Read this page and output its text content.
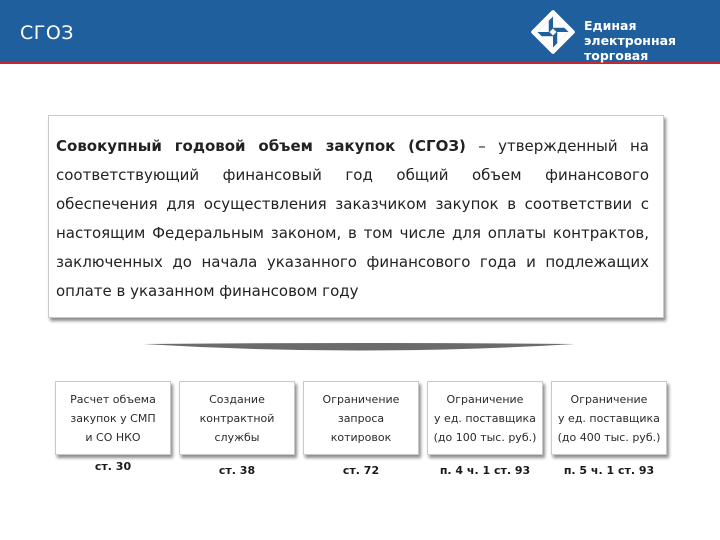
СГОЗ	Единая электронная
торговая площадка

Совокупный годовой объем закупок (СГОЗ) – утвержденный на соответствующий финансовый год общий объем финансового обеспечения для осуществления заказчиком закупок в соответствии с настоящим Федеральным законом, в том числе для оплаты контрактов, заключенных до начала указанного финансового года и подлежащих оплате в указанном финансовом году

Расчет объема
закупок у СМП
и СО НКО
ст. 30
Создание
контрактной
службы
ст. 38
Ограничение
запроса
котировок
ст. 72
Ограничение
у ед. поставщика
(до 100 тыс. руб.)
п. 4 ч. 1 ст. 93
Ограничение
у ед. поставщика
(до 400 тыс. руб.)
п. 5 ч. 1 ст. 93
